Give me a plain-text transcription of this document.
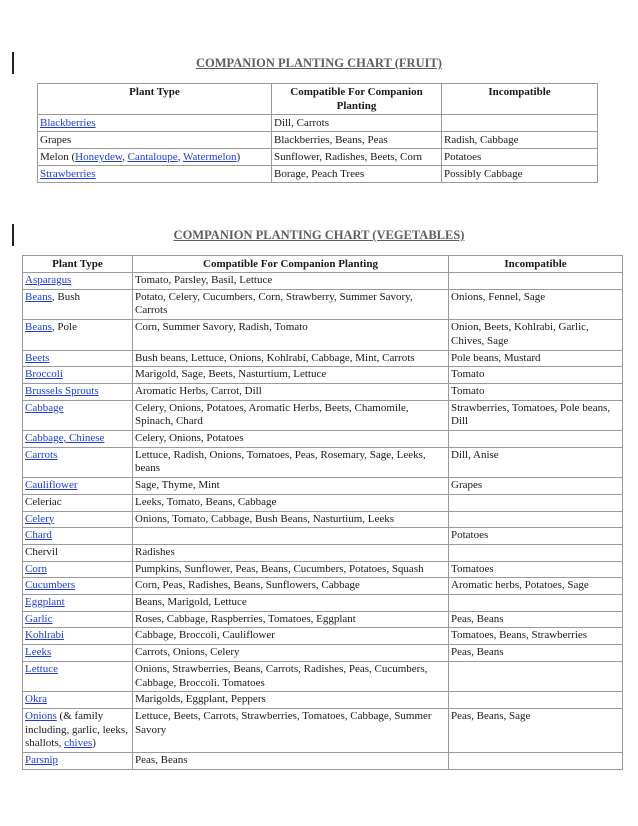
COMPANION PLANTING CHART (FRUIT)
Plant Type	Compatible For Companion Planting	Incompatible
Blackberries	Dill, Carrots	
Grapes	Blackberries, Beans, Peas	Radish, Cabbage
Melon (Honeydew, Cantaloupe, Watermelon)	Sunflower, Radishes, Beets, Corn	Potatoes
Strawberries	Borage, Peach Trees	Possibly Cabbage
COMPANION PLANTING CHART (VEGETABLES)
Plant Type	Compatible For Companion Planting	Incompatible
Asparagus	Tomato, Parsley, Basil, Lettuce	
Beans, Bush	Potato, Celery, Cucumbers, Corn, Strawberry, Summer Savory, Carrots	Onions, Fennel, Sage
Beans, Pole	Corn, Summer Savory, Radish, Tomato	Onion, Beets, Kohlrabi, Garlic, Chives, Sage
Beets	Bush beans, Lettuce, Onions, Kohlrabi, Cabbage, Mint, Carrots	Pole beans, Mustard
Broccoli	Marigold, Sage, Beets, Nasturtium, Lettuce	Tomato
Brussels Sprouts	Aromatic Herbs, Carrot, Dill	Tomato
Cabbage	Celery, Onions, Potatoes, Aromatic Herbs, Beets, Chamomile, Spinach, Chard	Strawberries, Tomatoes, Pole beans, Dill
Cabbage, Chinese	Celery, Onions, Potatoes	
Carrots	Lettuce, Radish, Onions, Tomatoes, Peas, Rosemary, Sage, Leeks, beans	Dill, Anise
Cauliflower	Sage, Thyme, Mint	Grapes
Celeriac	Leeks, Tomato, Beans, Cabbage	
Celery	Onions, Tomato, Cabbage, Bush Beans, Nasturtium, Leeks	
Chard		Potatoes
Chervil	Radishes	
Corn	Pumpkins, Sunflower, Peas, Beans, Cucumbers, Potatoes, Squash	Tomatoes
Cucumbers	Corn, Peas, Radishes, Beans, Sunflowers, Cabbage	Aromatic herbs, Potatoes, Sage
Eggplant	Beans, Marigold, Lettuce	
Garlic	Roses, Cabbage, Raspberries, Tomatoes, Eggplant	Peas, Beans
Kohlrabi	Cabbage, Broccoli, Cauliflower	Tomatoes, Beans, Strawberries
Leeks	Carrots, Onions, Celery	Peas, Beans
Lettuce	Onions, Strawberries, Beans, Carrots, Radishes, Peas, Cucumbers, Cabbage, Broccoli. Tomatoes	
Okra	Marigolds, Eggplant, Peppers	
Onions (& family including, garlic, leeks, shallots, chives)	Lettuce, Beets, Carrots, Strawberries, Tomatoes, Cabbage, Summer Savory	Peas, Beans, Sage
Parsnip	Peas, Beans	
